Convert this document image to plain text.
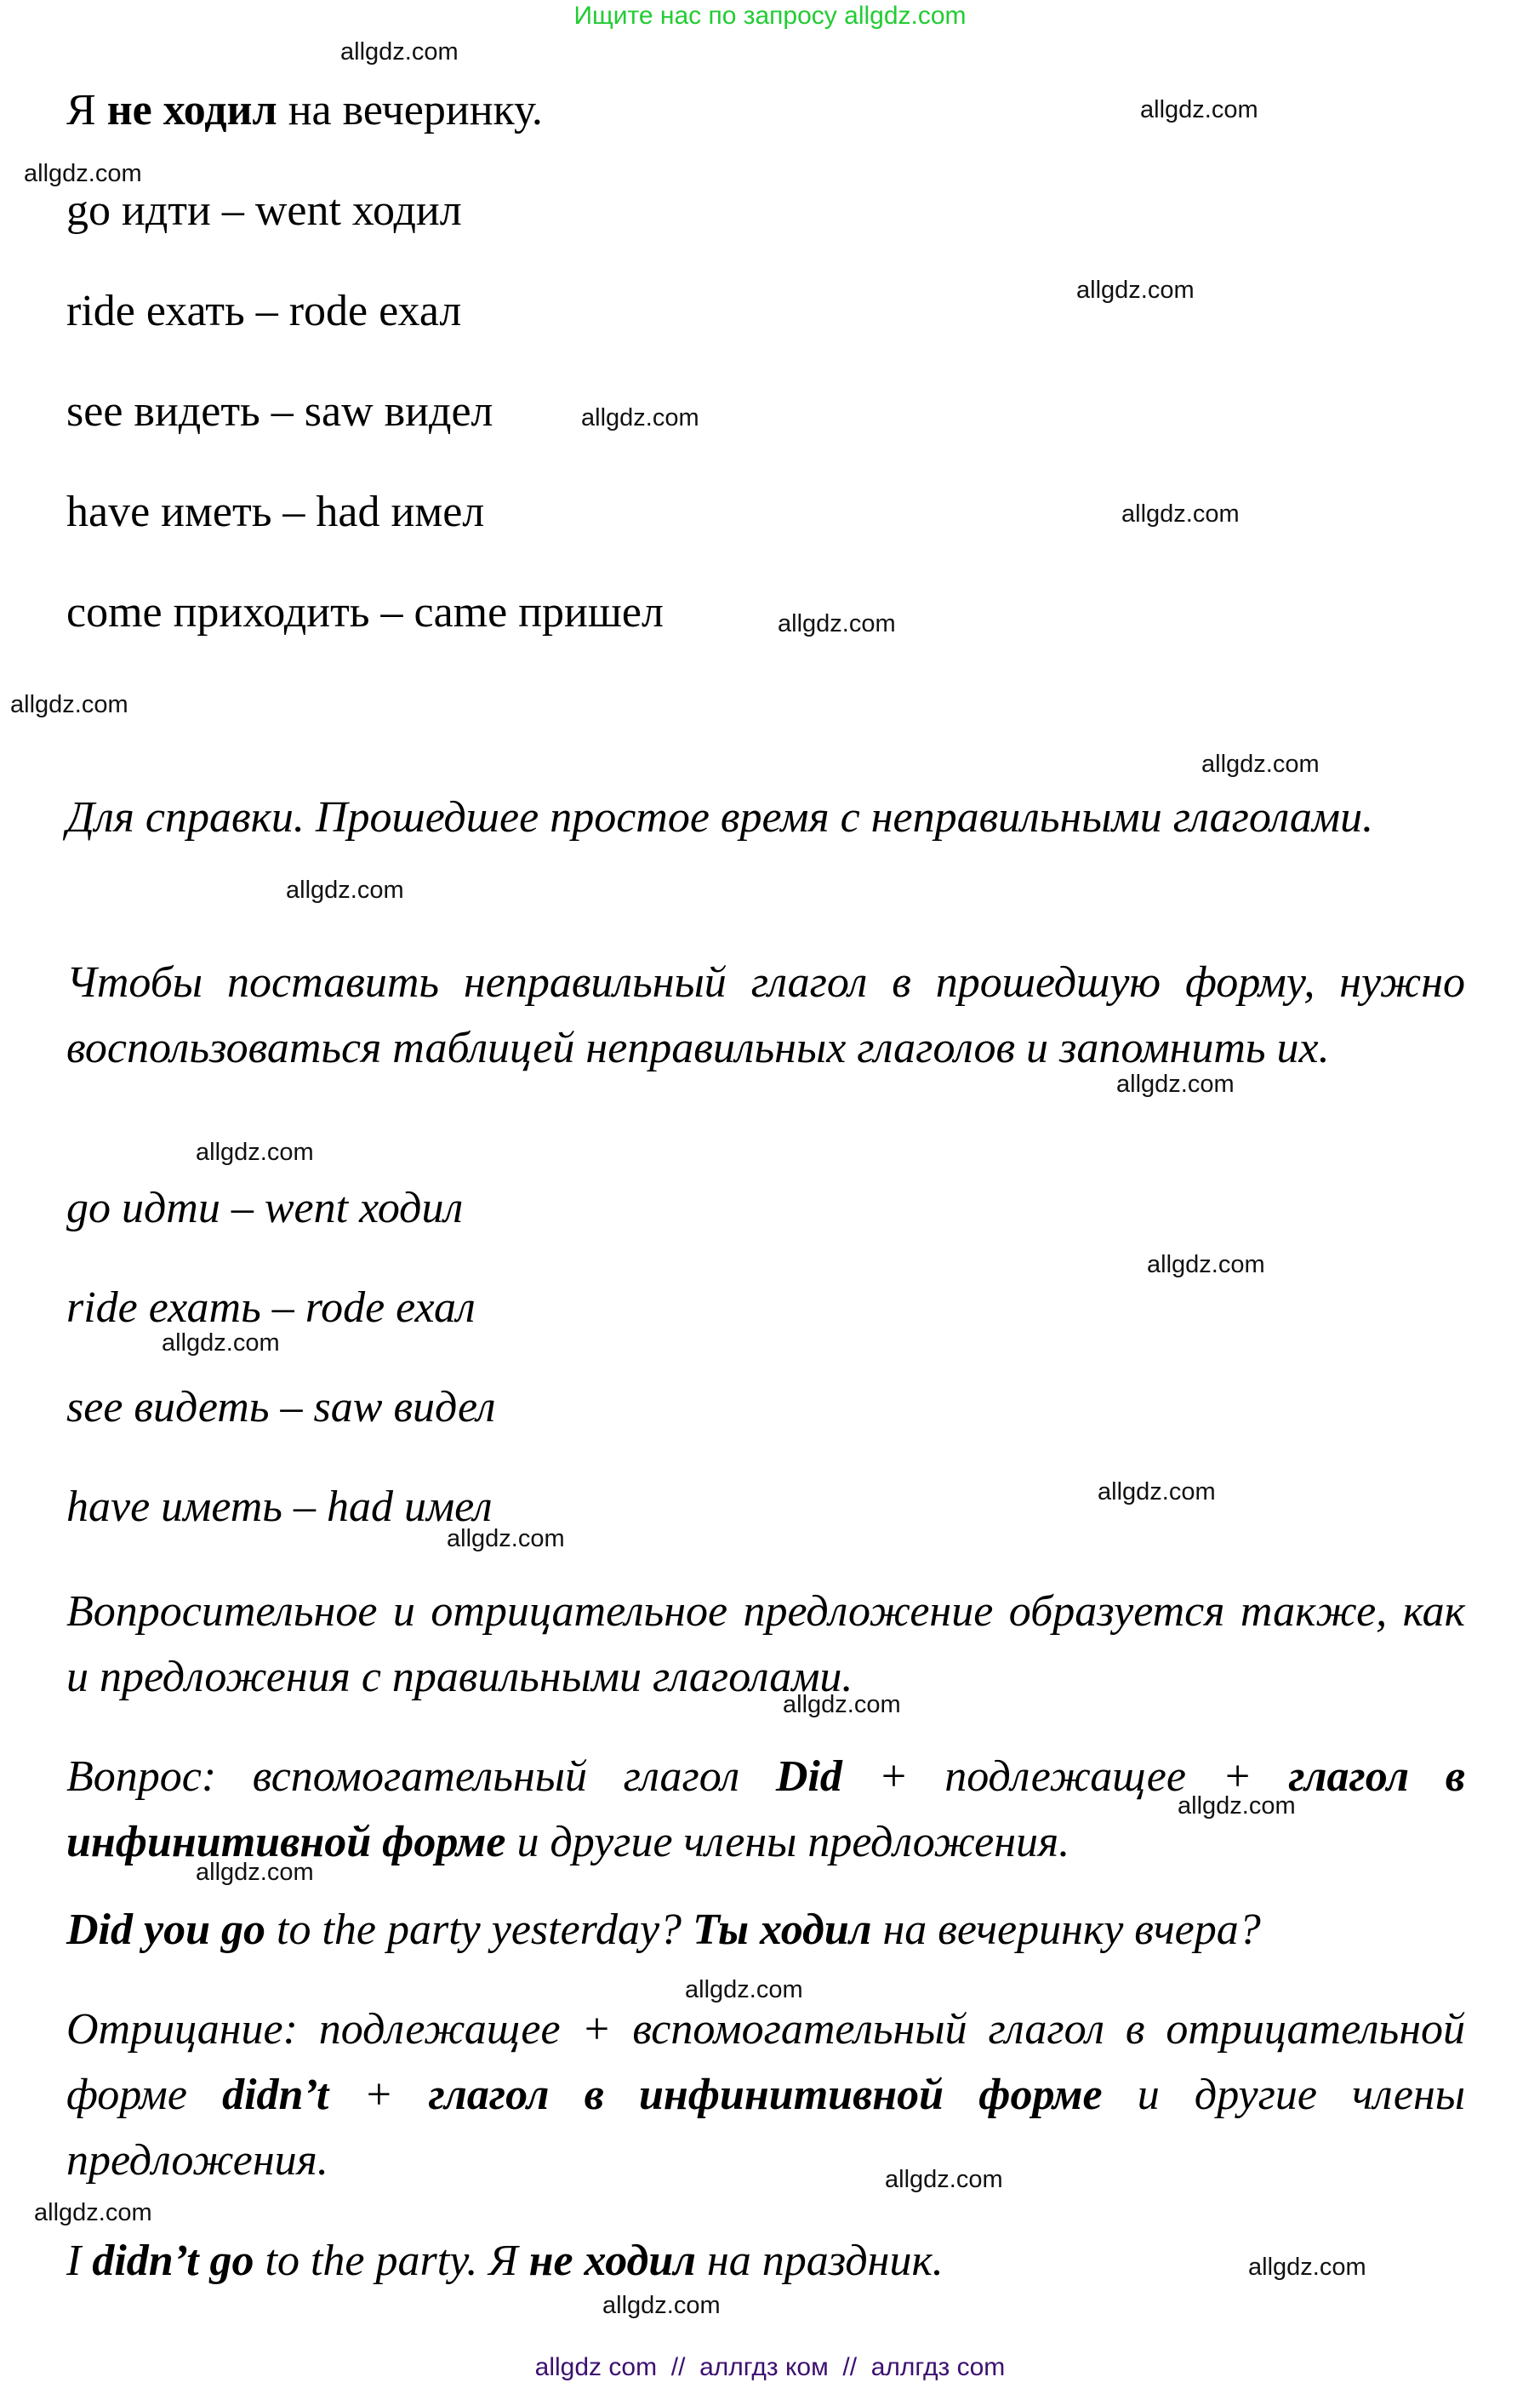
Ищите нас по запросу allgdz.com
allgdz.com
allgdz.com
allgdz.com
allgdz.com
allgdz.com
allgdz.com
allgdz.com
allgdz.com
allgdz.com
allgdz.com
allgdz.com
allgdz.com
allgdz.com
allgdz.com
allgdz.com
allgdz.com
allgdz.com
allgdz.com
allgdz.com
allgdz.com
allgdz.com
allgdz.com
allgdz.com
allgdz.com
Я не ходил на вечеринку.
go идти – went ходил
ride ехать – rode ехал
see видеть – saw видел
have иметь – had имел
come приходить – came пришел
Для справки. Прошедшее простое время с неправильными глаголами.
Чтобы поставить неправильный глагол в прошедшую форму, нужно воспользоваться таблицей неправильных глаголов и запомнить их.
go идти – went ходил
ride ехать – rode ехал
see видеть – saw видел
have иметь – had имел
Вопросительное и отрицательное предложение образуется также, как и предложения с правильными глаголами.
Вопрос: вспомогательный глагол Did + подлежащее + глагол в инфинитивной форме и другие члены предложения.
Did you go to the party yesterday? Ты ходил на вечеринку вчера?
Отрицание: подлежащее + вспомогательный глагол в отрицательной форме didn’t + глагол в инфинитивной форме и другие члены предложения.
I didn’t go to the party. Я не ходил на праздник.
allgdz com  //  аллгдз ком  //  аллгдз com
